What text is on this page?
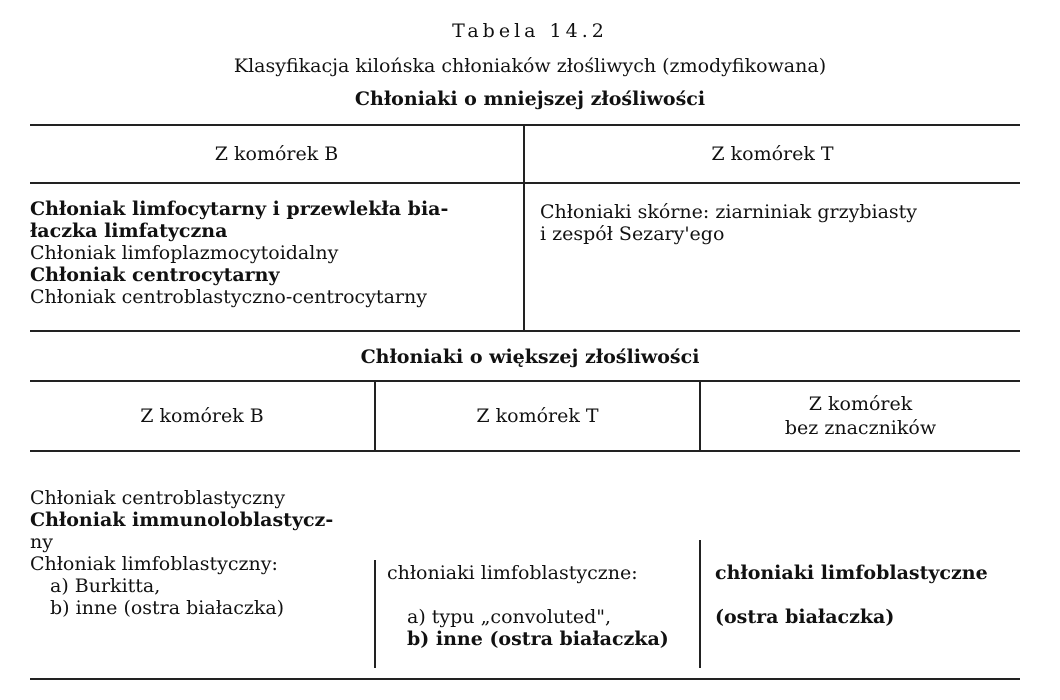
Tabela 14.2
Klasyfikacja kilońska chłoniaków złośliwych (zmodyfikowana)
Chłoniaki o mniejszej złośliwości
Z komórek B	Z komórek T
Chłoniak limfocytarny i przewlekła bia-
łaczka limfatyczna
Chłoniak limfoplazmocytoidalny
Chłoniak centrocytarny
Chłoniak centroblastyczno-centrocytarny
Chłoniaki skórne: ziarniniak grzybiasty
i zespół Sezary'ego
Chłoniaki o większej złośliwości
Z komórek B	Z komórek T
Z komórek
bez znaczników
Chłoniak centroblastyczny
Chłoniak immunoloblastycz-
ny
Chłoniak limfoblastyczny:
a) Burkitta,
b) inne (ostra białaczka)
chłoniaki limfoblastyczne:
a) typu „convoluted",
b) inne (ostra białaczka)
chłoniaki limfoblastyczne
(ostra białaczka)
